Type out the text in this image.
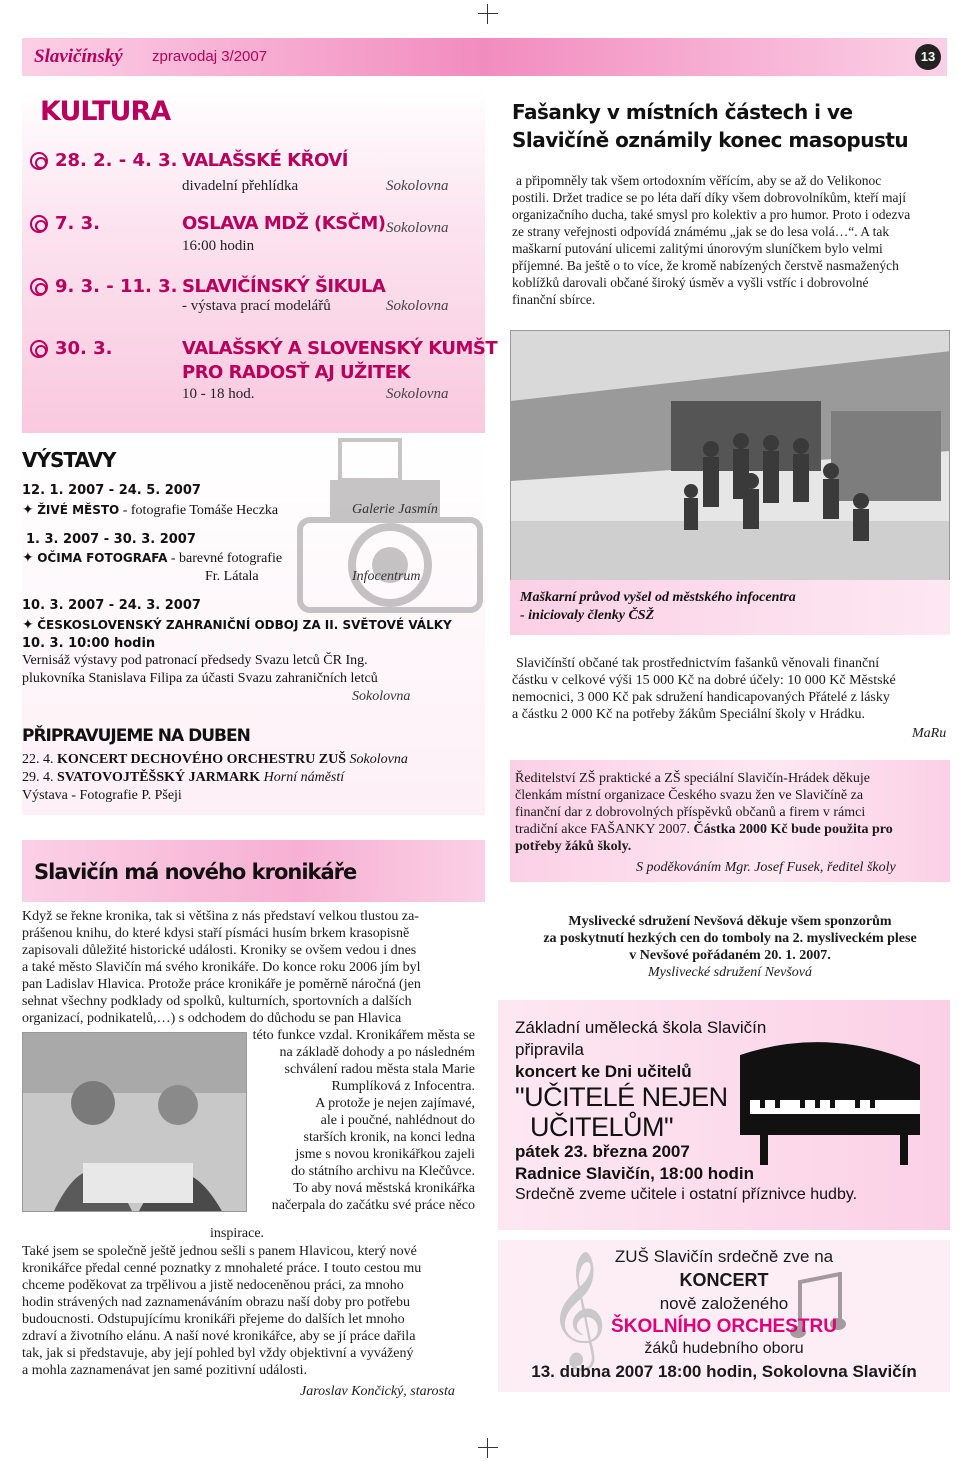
Slavičínský zpravodaj 3/2007	13
KULTURA
28. 2. - 4. 3. VALAŠSKÉ KŘOVÍ
divadelní přehlídka	Sokolovna
7. 3.	OSLAVA MDŽ (KSČM) Sokolovna
16:00 hodin
9. 3. - 11. 3. SLAVIČÍNSKÝ ŠIKULA
- výstava prací modelářů	Sokolovna
30. 3.	VALAŠSKÝ A SLOVENSKÝ KUMŠT
PRO RADOSŤ AJ UŽITEK
10 - 18 hod.	Sokolovna
VÝSTAVY
12. 1. 2007 - 24. 5. 2007
✦ ŽIVÉ MĚSTO - fotografie Tomáše Heczka	Galerie Jasmín
1. 3. 2007 - 30. 3. 2007
✦ OČIMA FOTOGRAFA - barevné fotografie
Fr. Látala	Infocentrum
10. 3. 2007 - 24. 3. 2007
✦ ČESKOSLOVENSKÝ ZAHRANIČNÍ ODBOJ ZA II. SVĚTOVÉ VÁLKY
10. 3. 10:00 hodin
Vernisáž výstavy pod patronací předsedy Svazu letců ČR Ing.
plukovníka Stanislava Filipa za účasti Svazu zahraničních letců
Sokolovna
PŘIPRAVUJEME NA DUBEN
22. 4. KONCERT DECHOVÉHO ORCHESTRU ZUŠ Sokolovna
29. 4. SVATOVOJTĚŠSKÝ JARMARK Horní náměstí
Výstava - Fotografie P. Pšeji
Slavičín má nového kronikáře
Když se řekne kronika, tak si většina z nás představí velkou tlustou za-
prášenou knihu, do které kdysi staří písmáci husím brkem krasopisně
zapisovali důležité historické události. Kroniky se ovšem vedou i dnes
a také město Slavičín má svého kronikáře. Do konce roku 2006 jím byl
pan Ladislav Hlavica. Protože práce kronikáře je poměrně náročná (jen
sehnat všechny podklady od spolků, kulturních, sportovních a dalších
organizací, podnikatelů,…) s odchodem do důchodu se pan Hlavica
této funkce vzdal. Kronikářem města se
na základě dohody a po následném
schválení radou města stala Marie
Rumplíková z Infocentra.
A protože je nejen zajímavé,
ale i poučné, nahlédnout do
starších kronik, na konci ledna
jsme s novou kronikářkou zajeli
do státního archivu na Klečůvce.
To aby nová městská kronikářka
načerpala do začátku své práce něco
inspirace.
Také jsem se společně ještě jednou sešli s panem Hlavicou, který nové
kronikářce předal cenné poznatky z mnohaleté práce. I touto cestou mu
chceme poděkovat za trpělivou a jistě nedoceněnou práci, za mnoho
hodin strávených nad zaznamenáváním obrazu naší doby pro potřebu
budoucnosti. Odstupujícímu kronikáři přejeme do dalších let mnoho
zdraví a životního elánu. A naší nové kronikářce, aby se jí práce dařila
tak, jak si představuje, aby její pohled byl vždy objektivní a vyvážený
a mohla zaznamenávat jen samé pozitivní události.
Jaroslav Končický, starosta
Fašanky v místních částech i ve Slavičíně oznámily konec masopustu
a připomněly tak všem ortodoxním věřícím, aby se až do Velikonoc
postili. Držet tradice se po léta daří díky všem dobrovolníkům, kteří mají
organizačního ducha, také smysl pro kolektiv a pro humor. Proto i odezva
ze strany veřejnosti odpovídá známému „jak se do lesa volá…“. A tak
maškarní putování ulicemi zalitými únorovým sluníčkem bylo velmi
příjemné. Ba ještě o to více, že kromě nabízených čerstvě nasmažených
koblížků darovali občané široký úsměv a vyšli vstříc i dobrovolné
finanční sbírce.
Maškarní průvod vyšel od městského infocentra
- iniciovaly členky ČSŽ
Slavičínští občané tak prostřednictvím fašanků věnovali finanční
částku v celkové výši 15 000 Kč na dobré účely: 10 000 Kč Městské
nemocnici, 3 000 Kč pak sdružení handicapovaných Přátelé z lásky
a částku 2 000 Kč na potřeby žákům Speciální školy v Hrádku.
MaRu
Ředitelství ZŠ praktické a ZŠ speciální Slavičín-Hrádek děkuje
členkám místní organizace Českého svazu žen ve Slavičíně za
finanční dar z dobrovolných příspěvků občanů a firem v rámci
tradiční akce FAŠANKY 2007. Částka 2000 Kč bude použita pro
potřeby žáků školy.
S poděkováním Mgr. Josef Fusek, ředitel školy
Myslivecké sdružení Nevšová děkuje všem sponzorům
za poskytnutí hezkých cen do tomboly na 2. mysliveckém plese
v Nevšové pořádaném 20. 1. 2007.
Myslivecké sdružení Nevšová
Základní umělecká škola Slavičín
připravila
koncert ke Dni učitelů
"UČITELÉ NEJEN
UČITELŮM"
pátek 23. března 2007
Radnice Slavičín, 18:00 hodin
Srdečně zveme učitele i ostatní příznivce hudby.
𝄞 ZUŠ Slavičín srdečně zve na
KONCERT
nově založeného
ŠKOLNÍHO ORCHESTRU
žáků hudebního oboru
13. dubna 2007 18:00 hodin, Sokolovna Slavičín
